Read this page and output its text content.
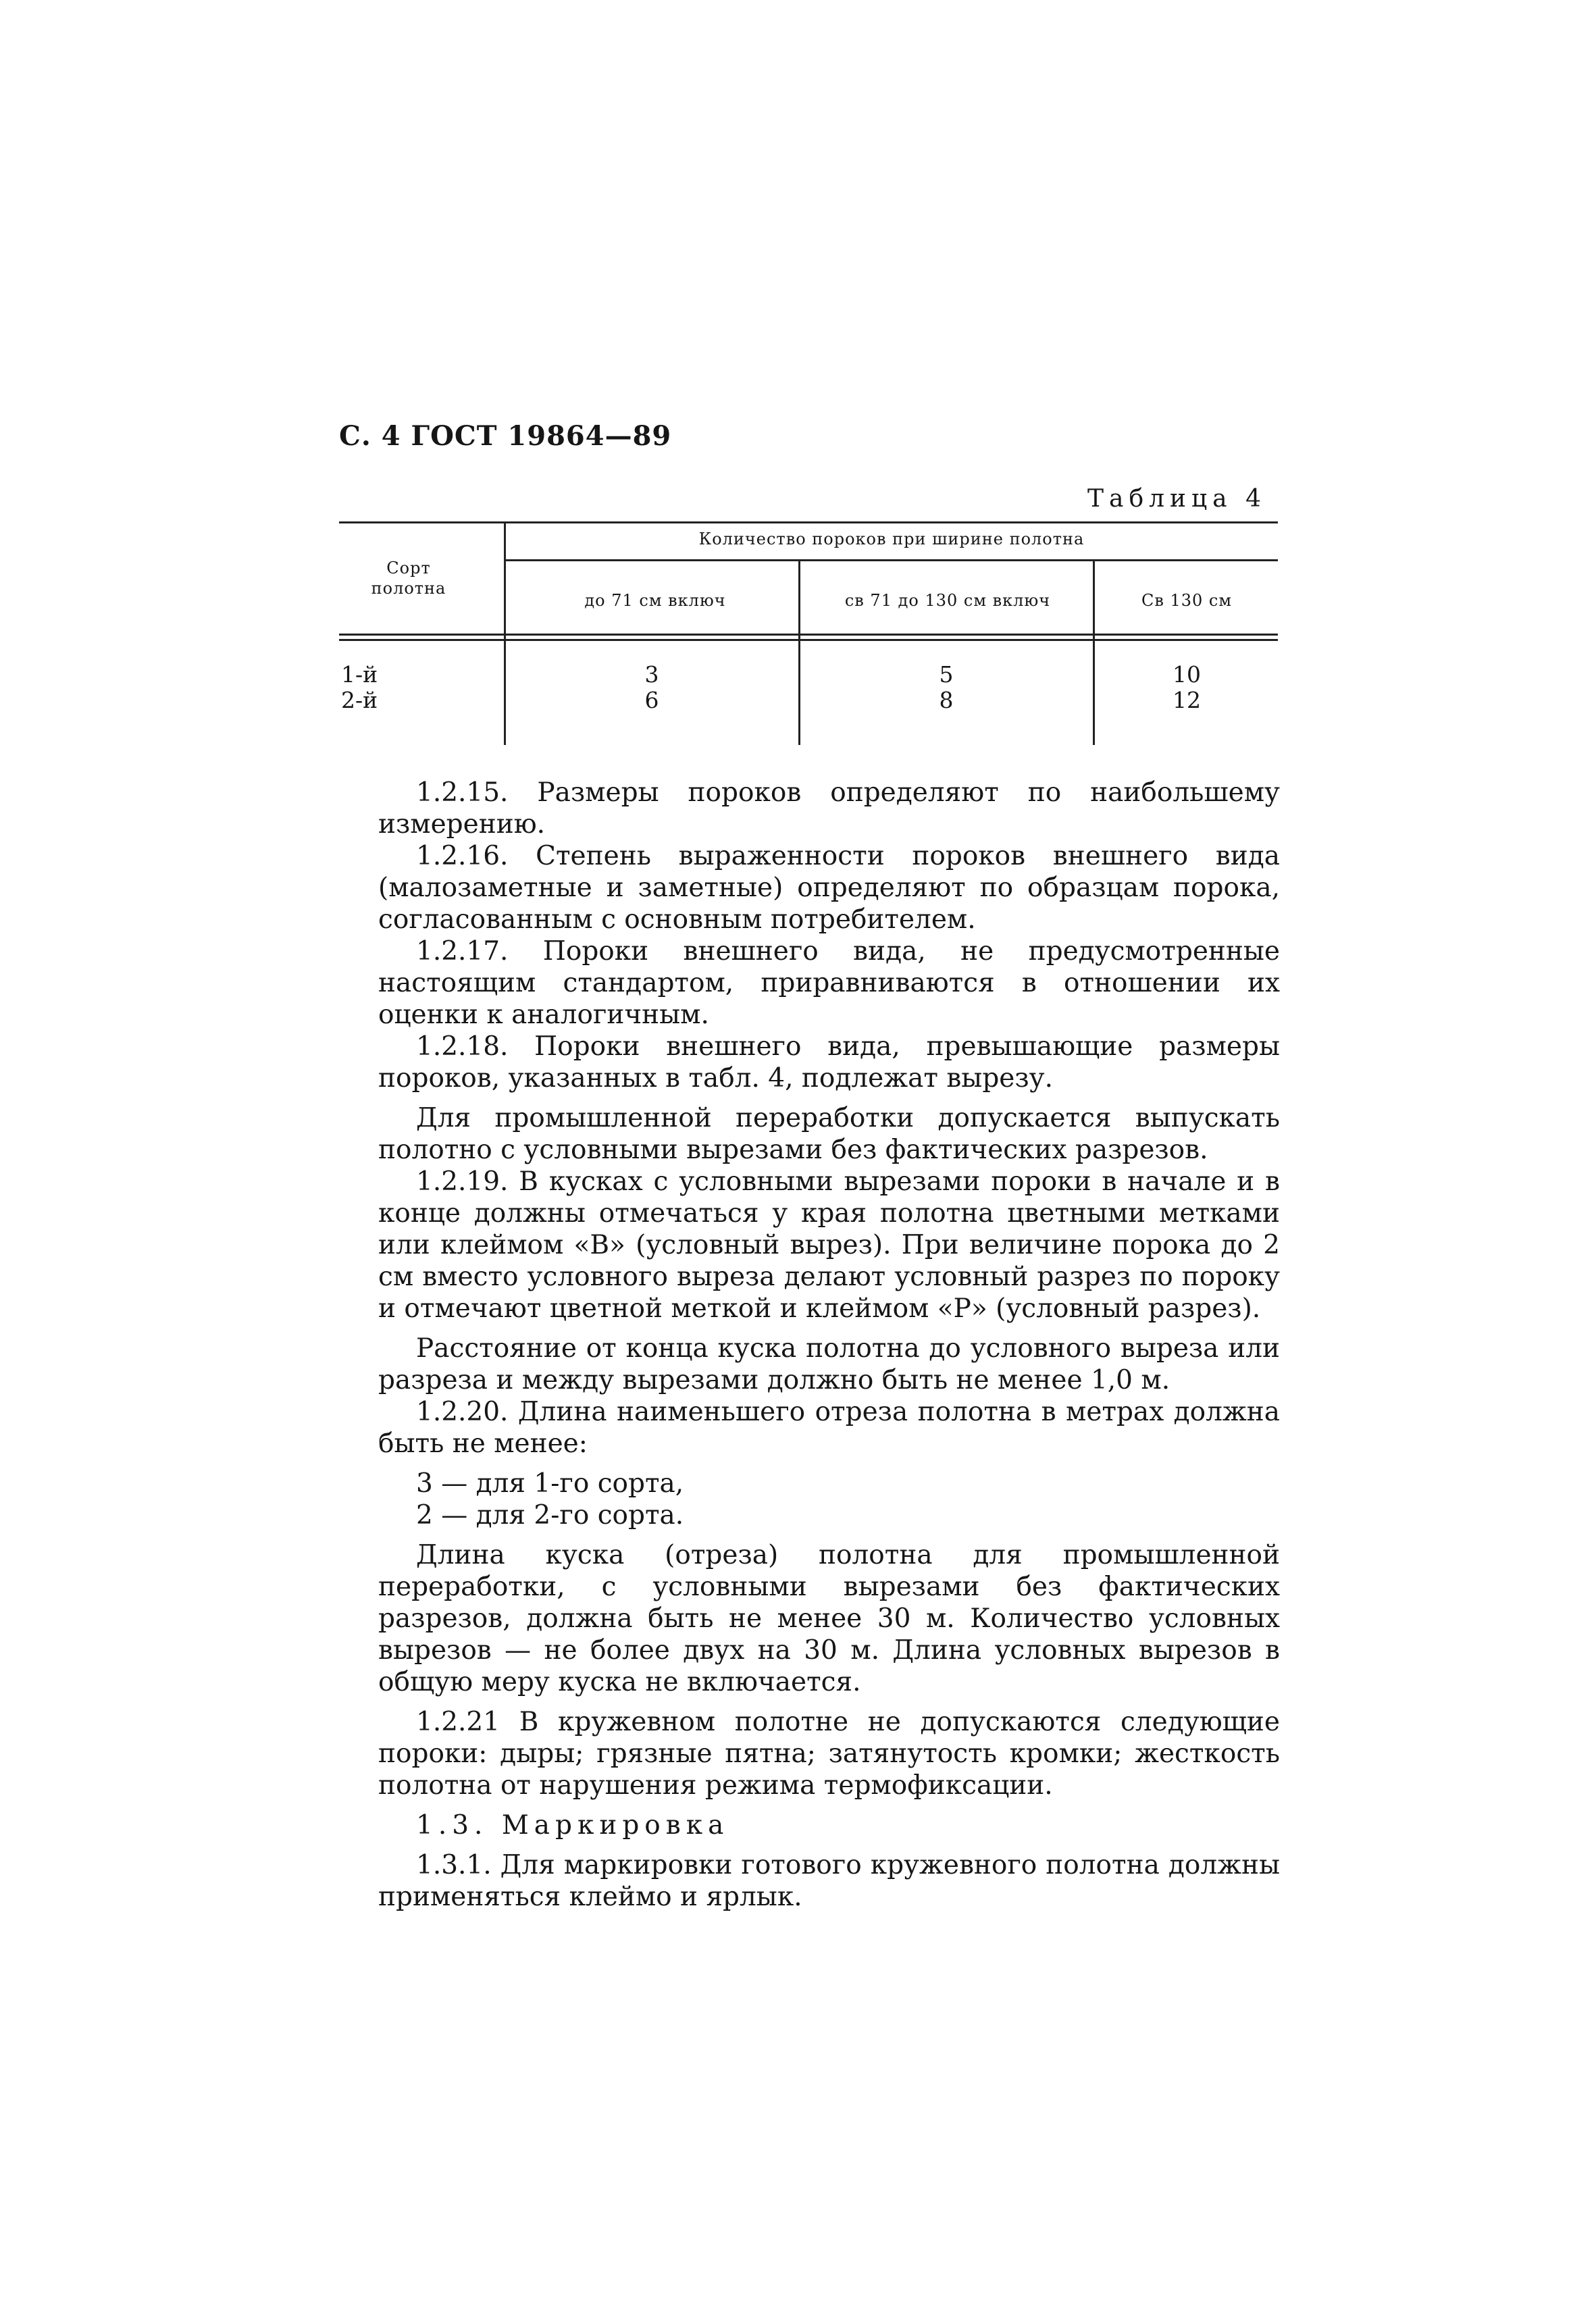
С. 4 ГОСТ 19864—89
Таблица 4
Сорт полотна
Количество пороков при ширине полотна
до 71 см включ	св 71 до 130 см включ	Св 130 см
1-й	3	5	10
2-й	6	8	12

1.2.15. Размеры пороков определяют по наибольшему измерению.

1.2.16. Степень выраженности пороков внешнего вида (малозаметные и заметные) определяют по образцам порока, согласованным с основным потребителем.

1.2.17. Пороки внешнего вида, не предусмотренные настоящим стандартом, приравниваются в отношении их оценки к аналогичным.

1.2.18. Пороки внешнего вида, превышающие размеры пороков, указанных в табл. 4, подлежат вырезу.

Для промышленной переработки допускается выпускать полотно с условными вырезами без фактических разрезов.

1.2.19. В кусках с условными вырезами пороки в начале и в конце должны отмечаться у края полотна цветными метками или клеймом «В» (условный вырез). При величине порока до 2 см вместо условного выреза делают условный разрез по пороку и отмечают цветной меткой и клеймом «Р» (условный разрез).

Расстояние от конца куска полотна до условного выреза или разреза и между вырезами должно быть не менее 1,0 м.

1.2.20. Длина наименьшего отреза полотна в метрах должна быть не менее:

3 — для 1-го сорта,

2 — для 2-го сорта.

Длина куска (отреза) полотна для промышленной переработки, с условными вырезами без фактических разрезов, должна быть не менее 30 м. Количество условных вырезов — не более двух на 30 м. Длина условных вырезов в общую меру куска не включается.

1.2.21 В кружевном полотне не допускаются следующие пороки: дыры; грязные пятна; затянутость кромки; жесткость полотна от нарушения режима термофиксации.

1.3. Маркировка

1.3.1. Для маркировки готового кружевного полотна должны применяться клеймо и ярлык.
